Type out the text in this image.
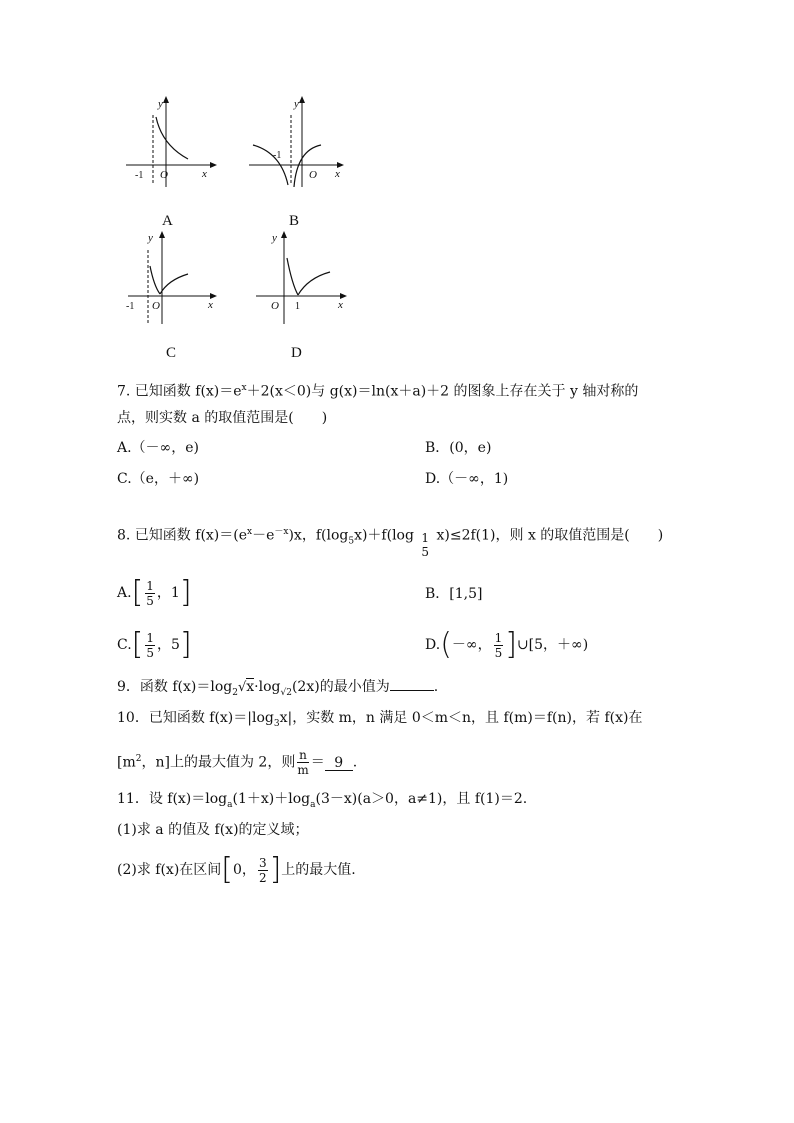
y
x
-1 O
A
y
x
-1
O
B
y
x
-1 O
C
y
x
O 1
D
7. 已知函数 $f(x)=e^x+2(x<0)$与 g(x)＝ln(x＋a)＋2 的图象上存在关于 y 轴对称的
点，则实数 a 的取值范围是(　　)
A.（－∞，e)	B．(0，e)
C.（e，＋∞)	D.（－∞，1)
8. 已知函数 $f(x)=(e^x-e^{-x})x$，$f(\log_5x)+f(\log$ 1
5
x)≤2f(1)，则 x 的取值范围是(　　)
$A.[ \frac{1}{5}$ ，1]	B．[1,5]
$C.[ \frac{1}{5}$ ，5]	D.(－∞， $\frac{1}{5}$ ]∪[5，＋∞)
9．函数 $f(x)=\log_2√x\cdot\log_{√2}(2x)$的最小值为	.
10．已知函数 $f(x)=|\log_3x|$，实数 m，n 满足 0＜m＜n，且 f(m)＝f(n)，若 f(x)在
[$m^2$，n]上的最大值为 2，则 $\frac{n}{m} = 9$ .
11．设 $f(x)=\log_a(1+x)+\log_a(3-x)(a>0$，a≠1)，且 f(1)＝2.
(1)求 a 的值及 f(x)的定义域；
(2)求 f(x)在区间[0， $\frac{3}{2}$ ]上的最大值.
